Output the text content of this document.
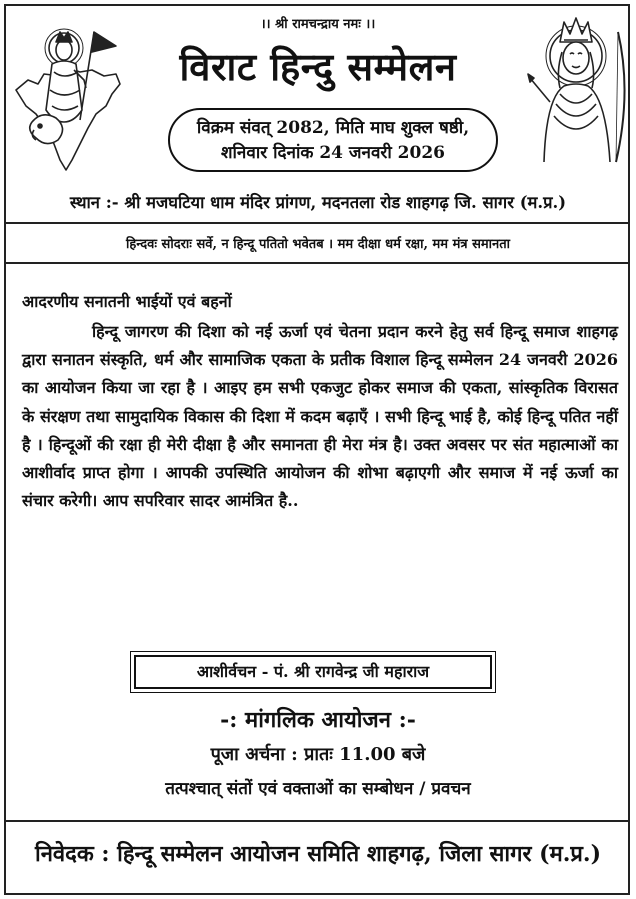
।। श्री रामचन्द्राय नमः ।।
विराट हिन्दु सम्मेलन
विक्रम संवत् 2082, मिति माघ शुक्ल षष्ठी,
शनिवार दिनांक 24 जनवरी 2026
स्थान :- श्री मजघटिया धाम मंदिर प्रांगण, मदनतला रोड शाहगढ़ जि. सागर (म.प्र.)
हिन्दवः सोदराः सर्वे, न हिन्दू पतितो भवेतब । मम दीक्षा धर्म रक्षा, मम मंत्र समानता
आदरणीय सनातनी भाईयों एवं बहनों
हिन्दू जागरण की दिशा को नई ऊर्जा एवं चेतना प्रदान करने हेतु सर्व हिन्दू समाज शाहगढ़ द्वारा सनातन संस्कृति, धर्म और सामाजिक एकता के प्रतीक विशाल हिन्दू सम्मेलन 24 जनवरी 2026 का आयोजन किया जा रहा है । आइए हम सभी एकजुट होकर समाज की एकता, सांस्कृतिक विरासत के संरक्षण तथा सामुदायिक विकास की दिशा में कदम बढ़ाएँ । सभी हिन्दू भाई है, कोई हिन्दू पतित नहीं है । हिन्दूओं की रक्षा ही मेरी दीक्षा है और समानता ही मेरा मंत्र है। उक्त अवसर पर संत महात्माओं का आशीर्वाद प्राप्त होगा । आपकी उपस्थिति आयोजन की शोभा बढ़ाएगी और समाज में नई ऊर्जा का संचार करेगी। आप सपरिवार सादर आमंत्रित है..
आशीर्वचन - पं. श्री रागवेन्द्र जी महाराज
-: मांगलिक आयोजन :-
पूजा अर्चना : प्रातः 11.00 बजे
तत्पश्चात् संतों एवं वक्ताओं का सम्बोधन / प्रवचन
निवेदक : हिन्दू सम्मेलन आयोजन समिति शाहगढ़, जिला सागर (म.प्र.)
